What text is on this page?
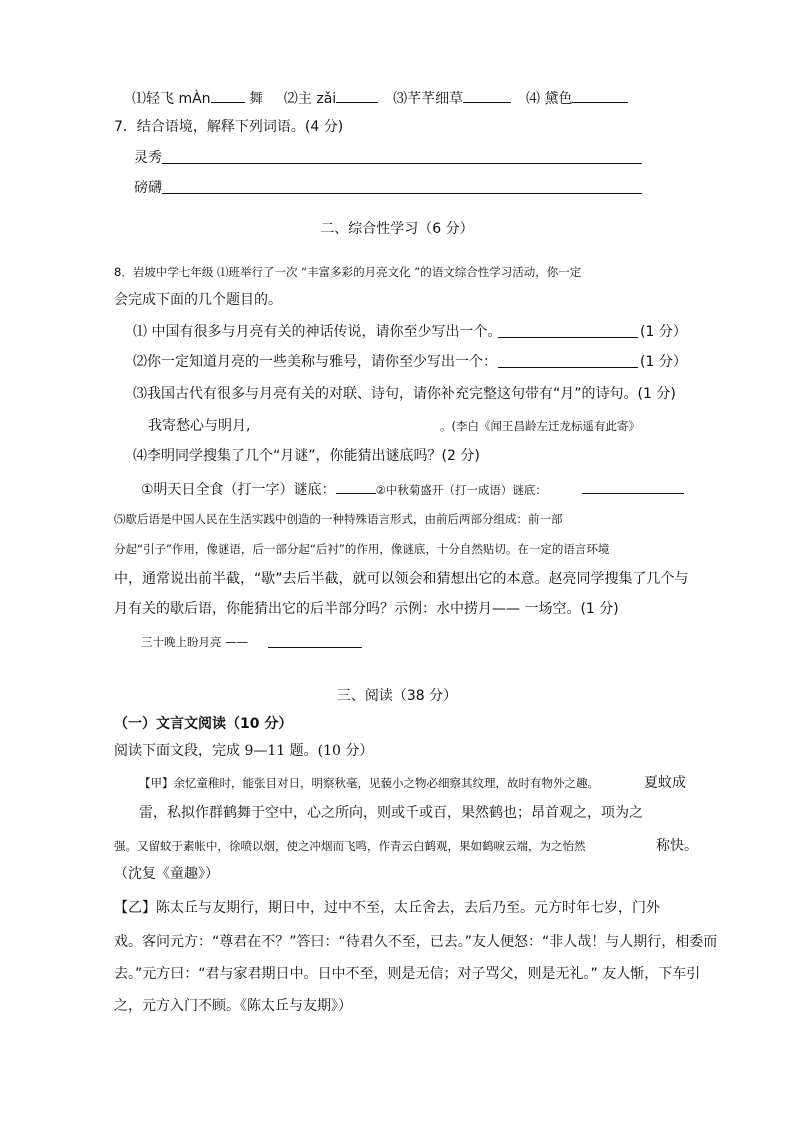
⑴轻飞 mÀn	舞 ⑵主 zǎi	⑶芊芊细草	⑷ 黛色
7．结合语境，解释下列词语。(4 分)
灵秀
磅礴
二、综合性学习（6 分）
8．岩坡中学七年级 ⑴班举行了一次 “丰富多彩的月亮文化 ”的语文综合性学习活动，你一定
会完成下面的几个题目的。
⑴ 中国有很多与月亮有关的神话传说，请你至少写出一个。	(1 分）
⑵你一定知道月亮的一些美称与雅号，请你至少写出一个：	(1 分）
⑶我国古代有很多与月亮有关的对联、诗句，请你补充完整这句带有“月”的诗句。(1 分)
我寄愁心与明月,	。(李白《闻王昌龄左迁龙标遥有此寄》
⑷李明同学搜集了几个“月谜”，你能猜出谜底吗？(2 分)
①明天日全食（打一字）谜底：	②中秋菊盛开（打一成语）谜底：
⑸歇后语是中国人民在生活实践中创造的一种特殊语言形式，由前后两部分组成：前一部
分起“引子”作用，像谜语，后一部分起“后衬”的作用，像谜底，十分自然贴切。在一定的语言环境
中，通常说出前半截，“歇”去后半截，就可以领会和猜想出它的本意。赵亮同学搜集了几个与
月有关的歇后语，你能猜出它的后半部分吗？示例：水中捞月—— 一场空。(1 分)
三十晚上盼月亮 ——
三、阅读（38 分）
（一）文言文阅读（10 分）
阅读下面文段，完成 9—11 题。(10 分）
【甲】余忆童稚时，能张目对日，明察秋毫，见藐小之物必细察其纹理，故时有物外之趣。	夏蚊成
雷，私拟作群鹤舞于空中，心之所向，则或千或百，果然鹤也；昂首观之，项为之
强。又留蚊于素帐中，徐喷以烟，使之冲烟而飞鸣，作青云白鹤观，果如鹤唳云端，为之怡然	称快。
（沈复《童趣》）
【乙】陈太丘与友期行，期日中，过中不至，太丘舍去，去后乃至。元方时年七岁，门外
戏。客问元方：“尊君在不？”答曰：“待君久不至，已去。”友人便怒：“非人哉！与人期行，相委而
去。”元方曰：“君与家君期日中。日中不至，则是无信；对子骂父，则是无礼。” 友人惭，下车引
之，元方入门不顾。《陈太丘与友期》）
